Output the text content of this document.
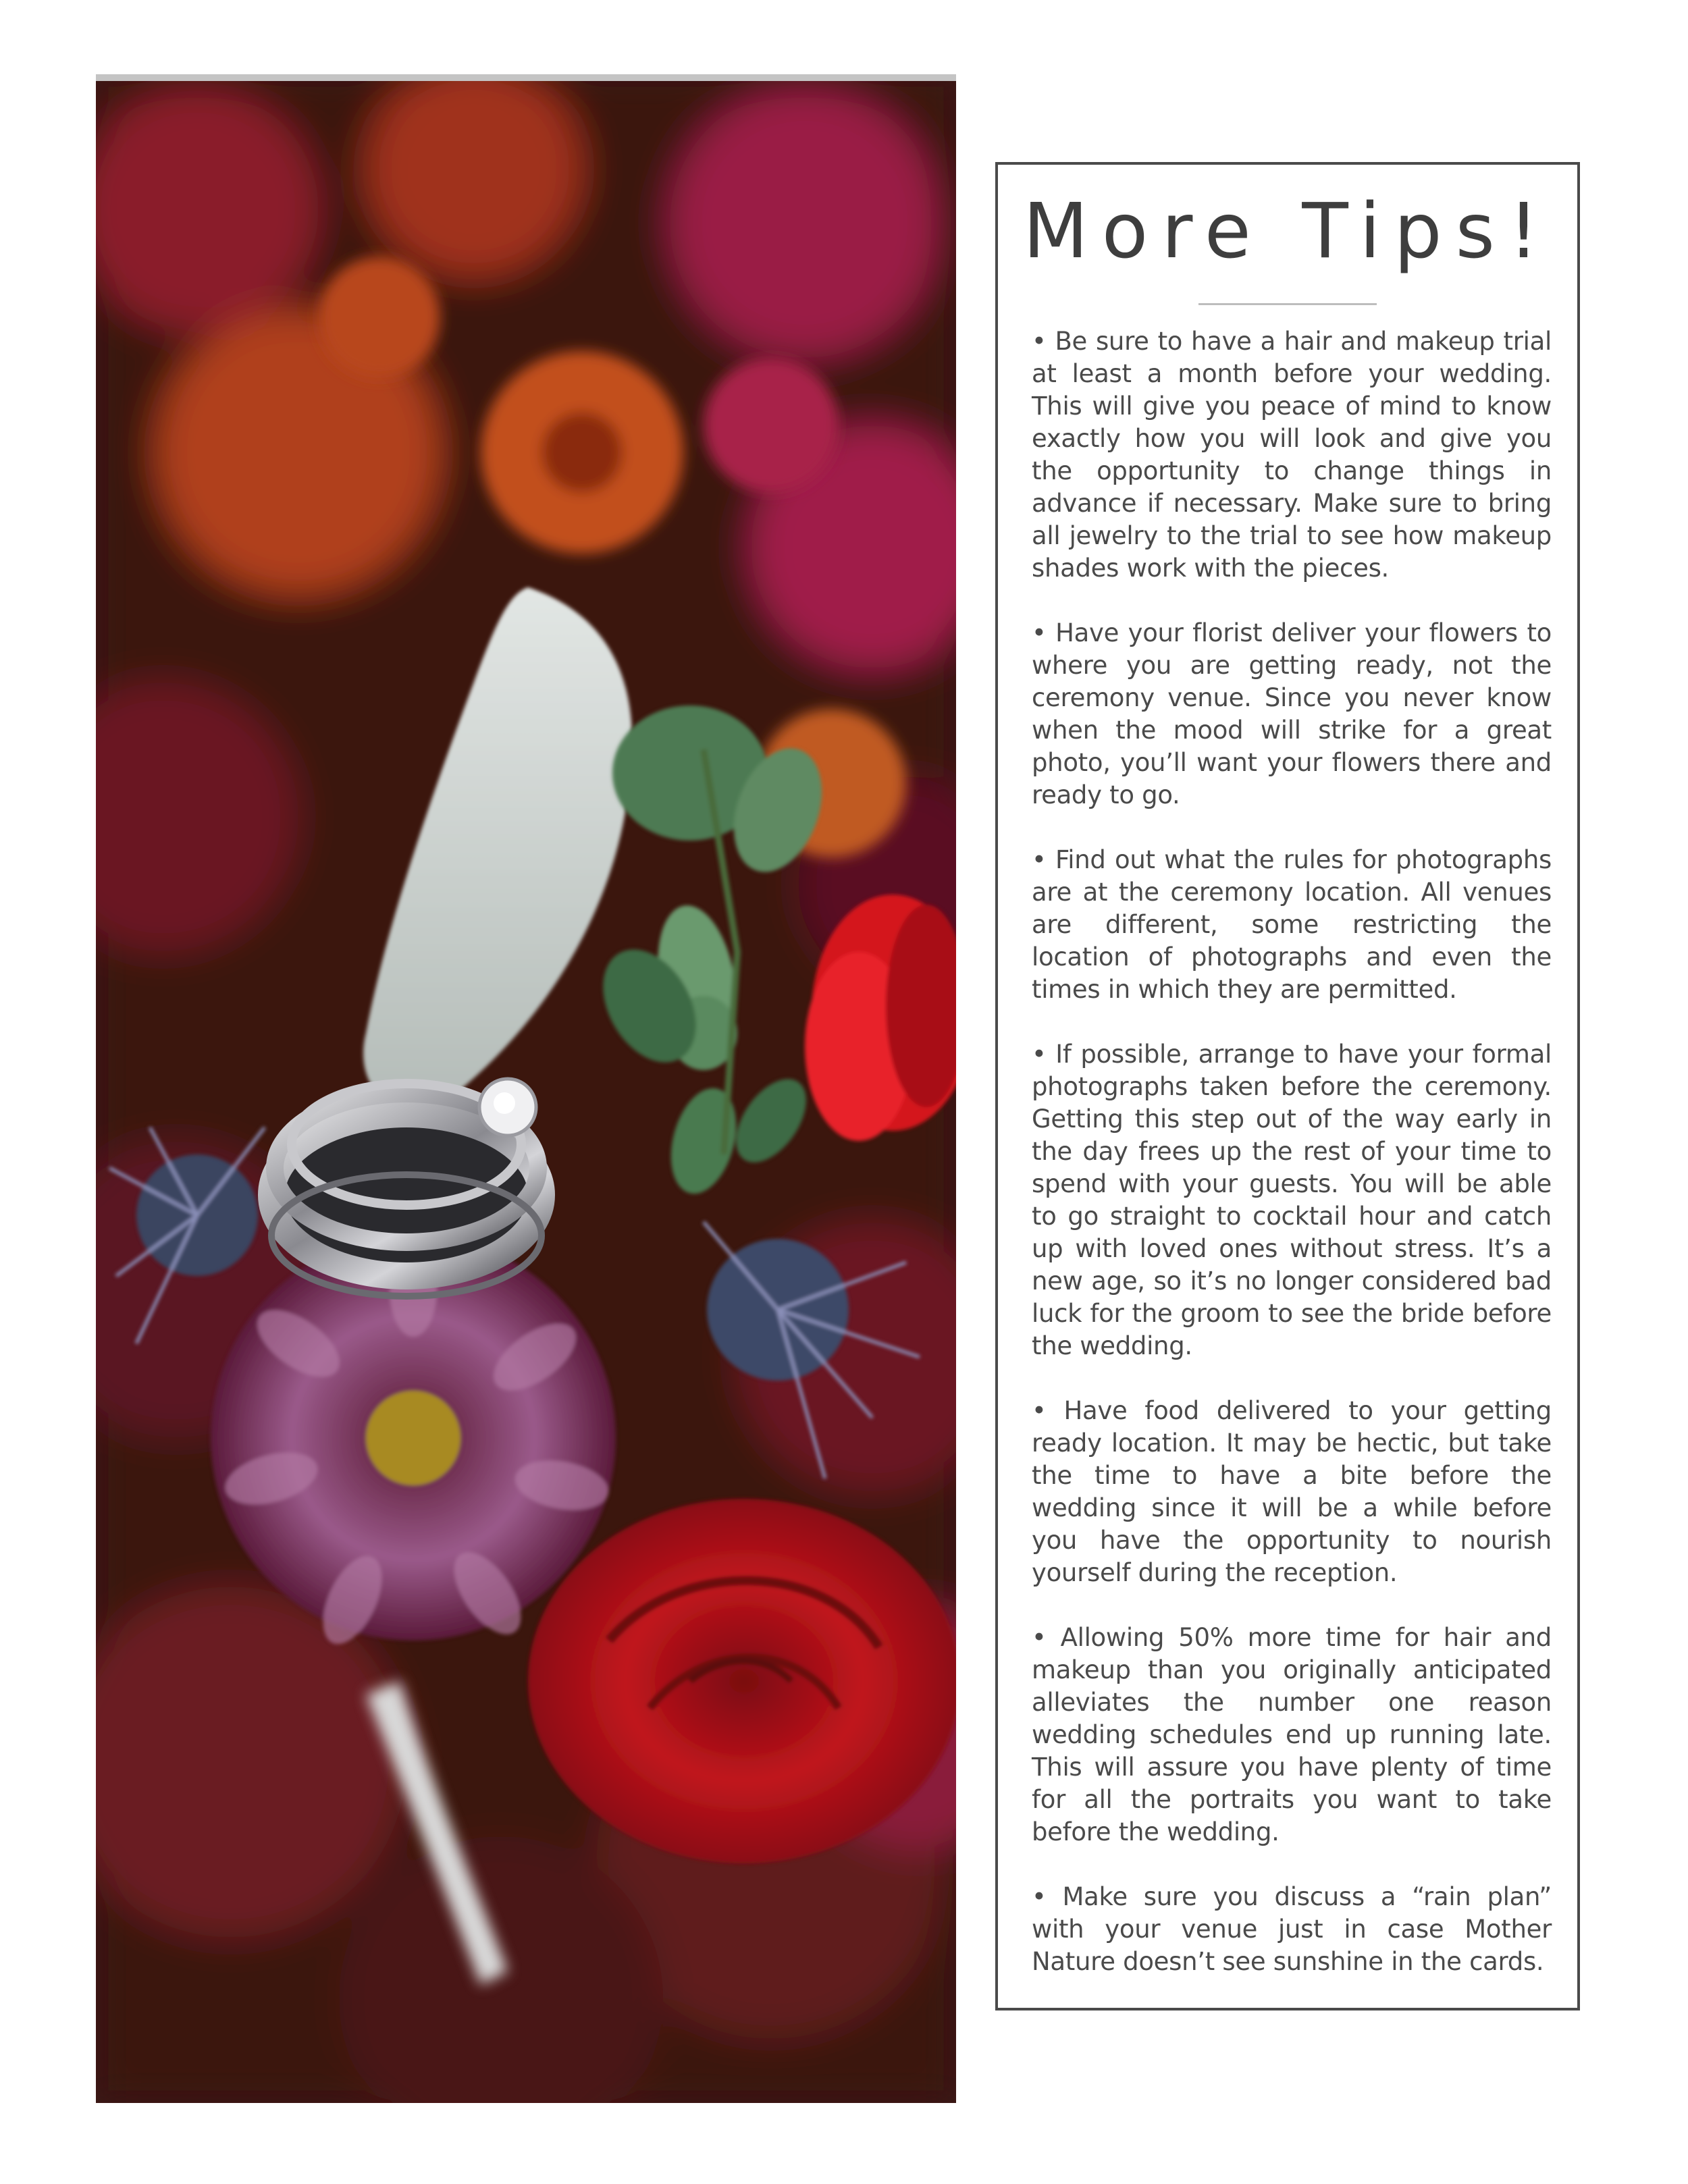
More Tips!
• Be sure to have a hair and makeup trial at least a month before your wedding. This will give you peace of mind to know exactly how you will look and give you the opportunity to change things in advance if necessary. Make sure to bring all jewelry to the trial to see how makeup shades work with the pieces.
• Have your florist deliver your flowers to where you are getting ready, not the ceremony venue. Since you never know when the mood will strike for a great photo, you’ll want your flowers there and ready to go.
• Find out what the rules for photographs are at the ceremony location. All venues are different, some restricting the location of photographs and even the times in which they are permitted.
• If possible, arrange to have your formal photographs taken before the ceremony. Getting this step out of the way early in the day frees up the rest of your time to spend with your guests. You will be able to go straight to cocktail hour and catch up with loved ones without stress. It’s a new age, so it’s no longer considered bad luck for the groom to see the bride before the wedding.
• Have food delivered to your getting ready location. It may be hectic, but take the time to have a bite before the wedding since it will be a while before you have the opportunity to nourish yourself during the reception.
• Allowing 50% more time for hair and makeup than you originally anticipated alleviates the number one reason wedding schedules end up running late. This will assure you have plenty of time for all the portraits you want to take before the wedding.
• Make sure you discuss a “rain plan” with your venue just in case Mother Nature doesn’t see sunshine in the cards.
